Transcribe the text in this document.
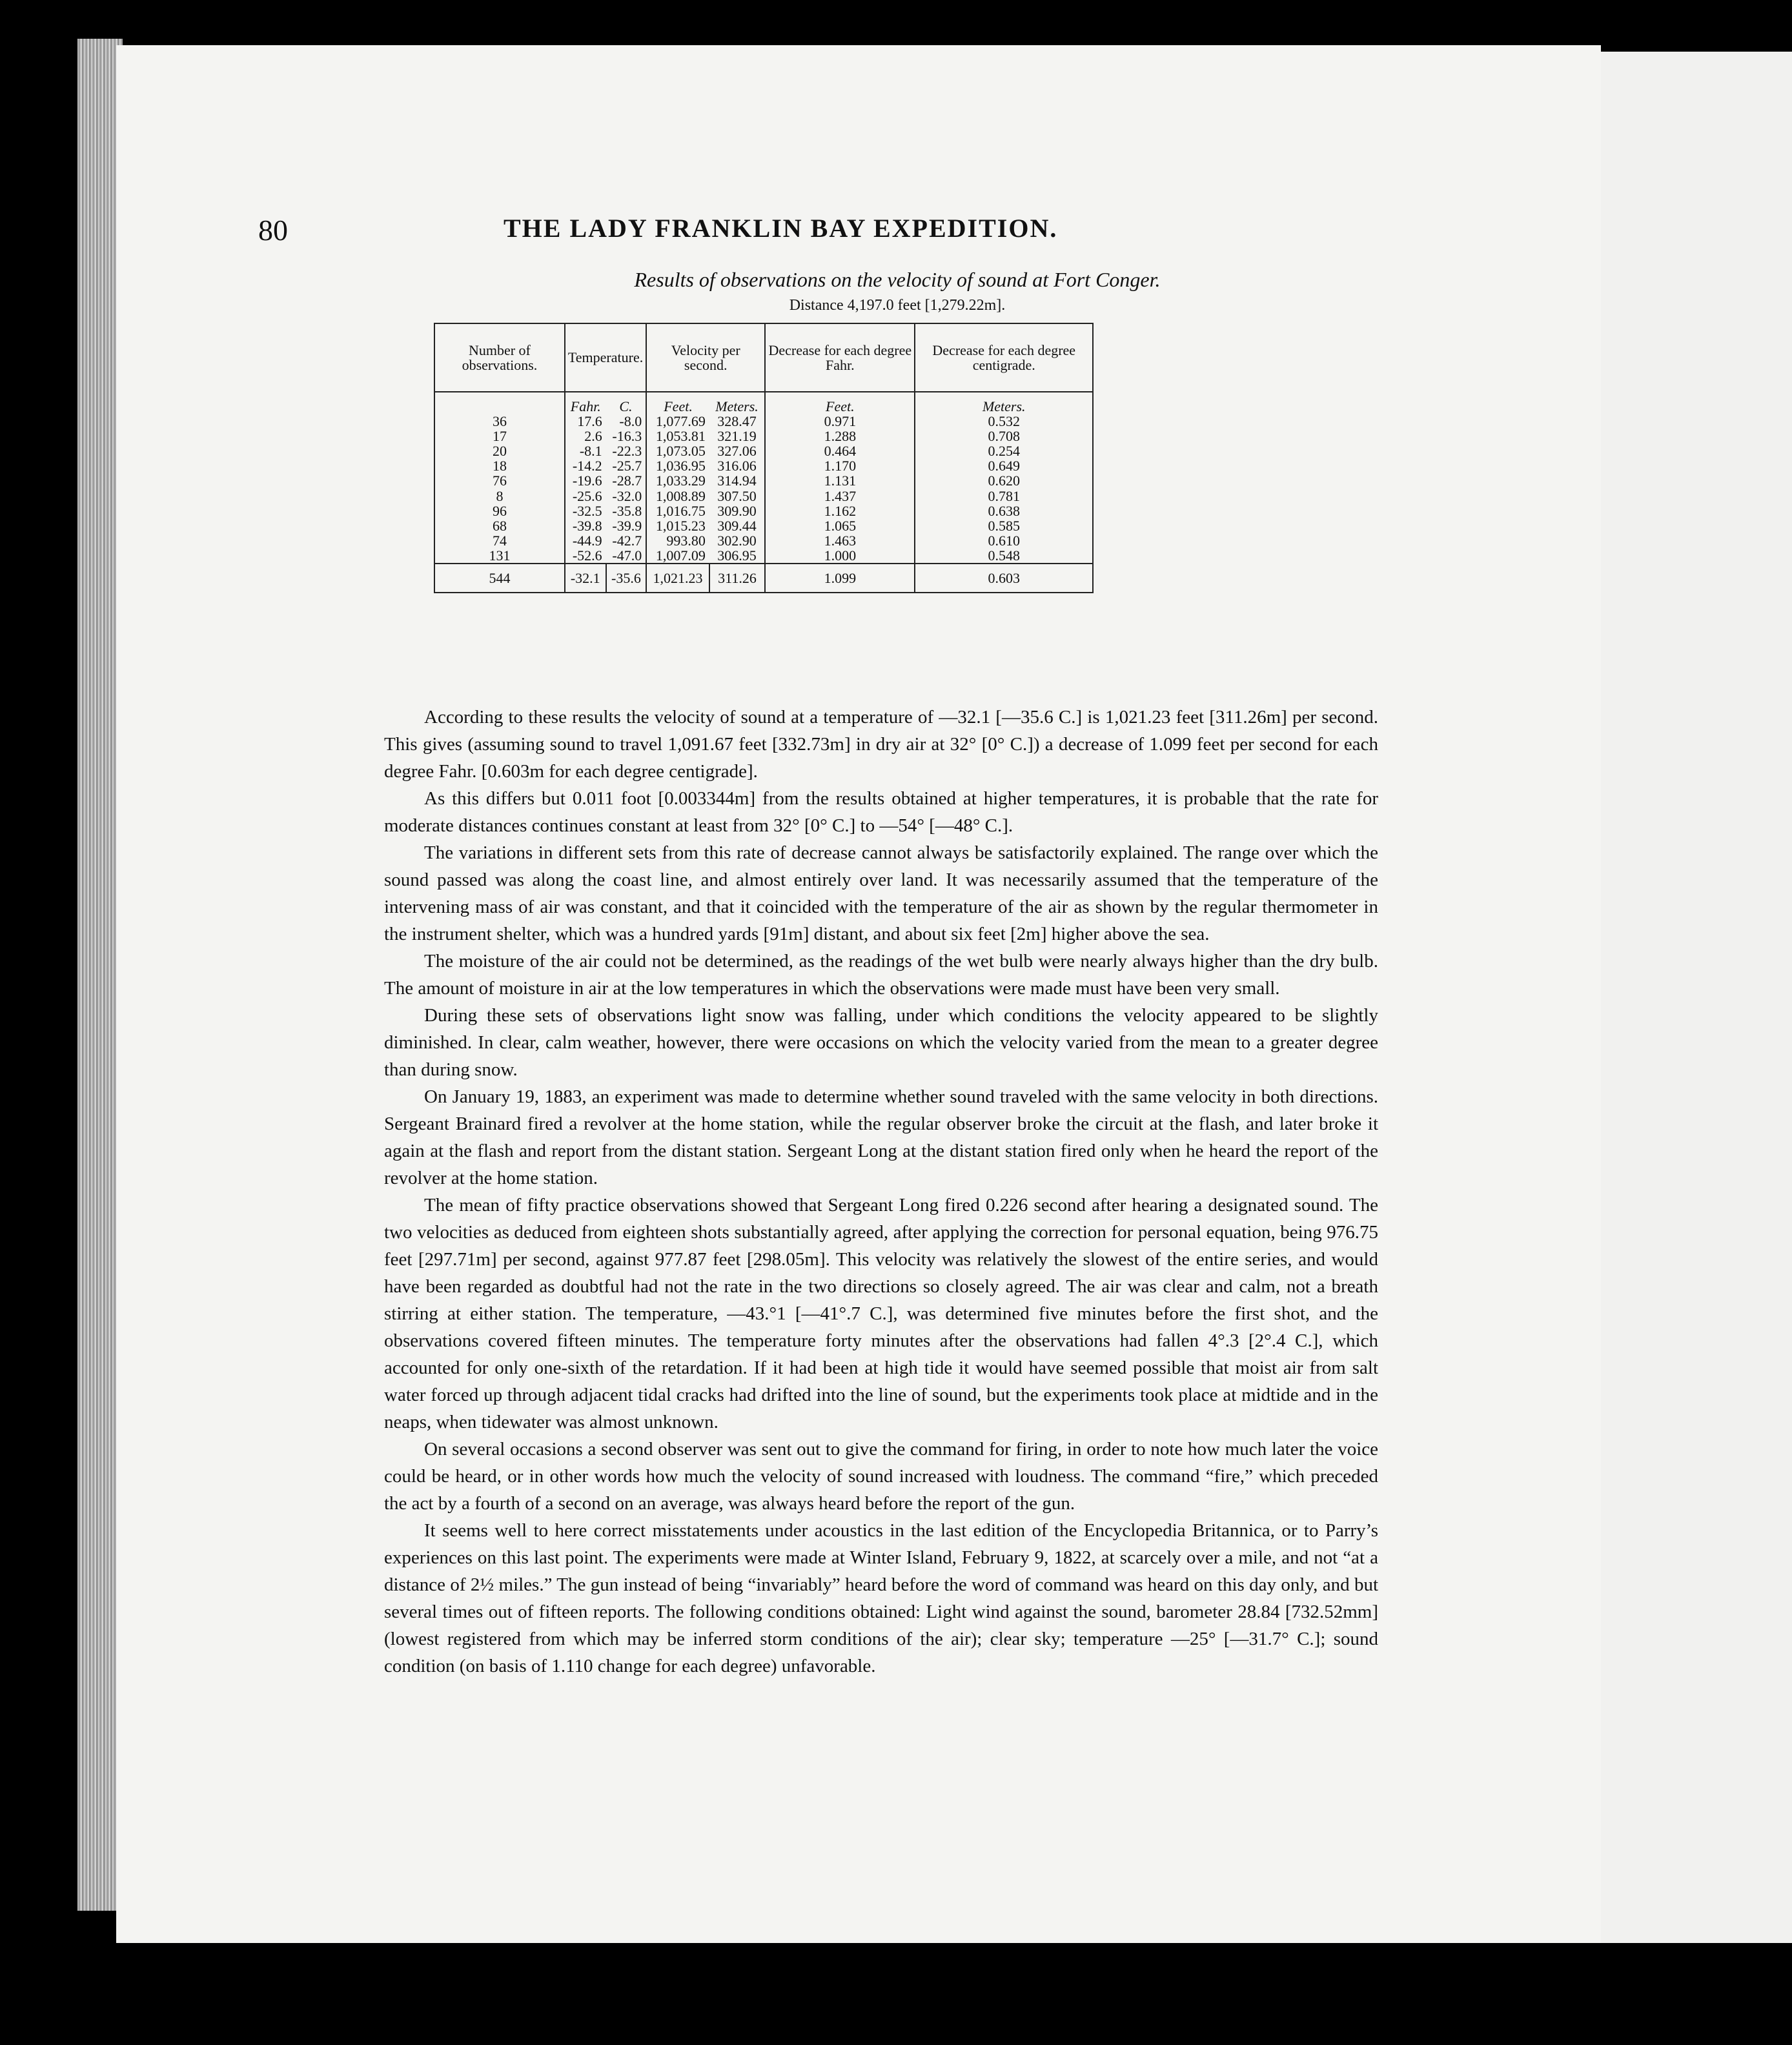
80	THE LADY FRANKLIN BAY EXPEDITION.
Results of observations on the velocity of sound at Fort Conger.
Distance 4,197.0 feet [1,279.22m].
Number of observations.	Temperature.		Velocity per second.		Decrease for each degree Fahr.	Decrease for each degree centigrade.
	Fahr.	C.	Feet.	Meters.	Feet.	Meters.
36	17.6	-8.0	1,077.69	328.47	0.971	0.532
17	2.6	-16.3	1,053.81	321.19	1.288	0.708
20	-8.1	-22.3	1,073.05	327.06	0.464	0.254
18	-14.2	-25.7	1,036.95	316.06	1.170	0.649
76	-19.6	-28.7	1,033.29	314.94	1.131	0.620
8	-25.6	-32.0	1,008.89	307.50	1.437	0.781
96	-32.5	-35.8	1,016.75	309.90	1.162	0.638
68	-39.8	-39.9	1,015.23	309.44	1.065	0.585
74	-44.9	-42.7	993.80	302.90	1.463	0.610
131	-52.6	-47.0	1,007.09	306.95	1.000	0.548
544	-32.1	-35.6	1,021.23	311.26	1.099	0.603

According to these results the velocity of sound at a temperature of —32.1 [—35.6 C.] is 1,021.23 feet [311.26m] per second. This gives (assuming sound to travel 1,091.67 feet [332.73m] in dry air at 32° [0° C.]) a decrease of 1.099 feet per second for each degree Fahr. [0.603m for each degree centigrade].

As this differs but 0.011 foot [0.003344m] from the results obtained at higher temperatures, it is probable that the rate for moderate distances continues constant at least from 32° [0° C.] to —54° [—48° C.].

The variations in different sets from this rate of decrease cannot always be satisfactorily explained. The range over which the sound passed was along the coast line, and almost entirely over land. It was necessarily assumed that the temperature of the intervening mass of air was constant, and that it coincided with the temperature of the air as shown by the regular thermometer in the instrument shelter, which was a hundred yards [91m] distant, and about six feet [2m] higher above the sea.

The moisture of the air could not be determined, as the readings of the wet bulb were nearly always higher than the dry bulb. The amount of moisture in air at the low temperatures in which the observations were made must have been very small.

During these sets of observations light snow was falling, under which conditions the velocity appeared to be slightly diminished. In clear, calm weather, however, there were occasions on which the velocity varied from the mean to a greater degree than during snow.

On January 19, 1883, an experiment was made to determine whether sound traveled with the same velocity in both directions. Sergeant Brainard fired a revolver at the home station, while the regular observer broke the circuit at the flash, and later broke it again at the flash and report from the distant station. Sergeant Long at the distant station fired only when he heard the report of the revolver at the home station.

The mean of fifty practice observations showed that Sergeant Long fired 0.226 second after hearing a designated sound. The two velocities as deduced from eighteen shots substantially agreed, after applying the correction for personal equation, being 976.75 feet [297.71m] per second, against 977.87 feet [298.05m]. This velocity was relatively the slowest of the entire series, and would have been regarded as doubtful had not the rate in the two directions so closely agreed. The air was clear and calm, not a breath stirring at either station. The temperature, —43.°1 [—41°.7 C.], was determined five minutes before the first shot, and the observations covered fifteen minutes. The temperature forty minutes after the observations had fallen 4°.3 [2°.4 C.], which accounted for only one-sixth of the retardation. If it had been at high tide it would have seemed possible that moist air from salt water forced up through adjacent tidal cracks had drifted into the line of sound, but the experiments took place at midtide and in the neaps, when tidewater was almost unknown.

On several occasions a second observer was sent out to give the command for firing, in order to note how much later the voice could be heard, or in other words how much the velocity of sound increased with loudness. The command “fire,” which preceded the act by a fourth of a second on an average, was always heard before the report of the gun.

It seems well to here correct misstatements under acoustics in the last edition of the Encyclopedia Britannica, or to Parry’s experiences on this last point. The experiments were made at Winter Island, February 9, 1822, at scarcely over a mile, and not “at a distance of 2½ miles.” The gun instead of being “invariably” heard before the word of command was heard on this day only, and but several times out of fifteen reports. The following conditions obtained: Light wind against the sound, barometer 28.84 [732.52mm] (lowest registered from which may be inferred storm conditions of the air); clear sky; temperature —25° [—31.7° C.]; sound condition (on basis of 1.110 change for each degree) unfavorable.
